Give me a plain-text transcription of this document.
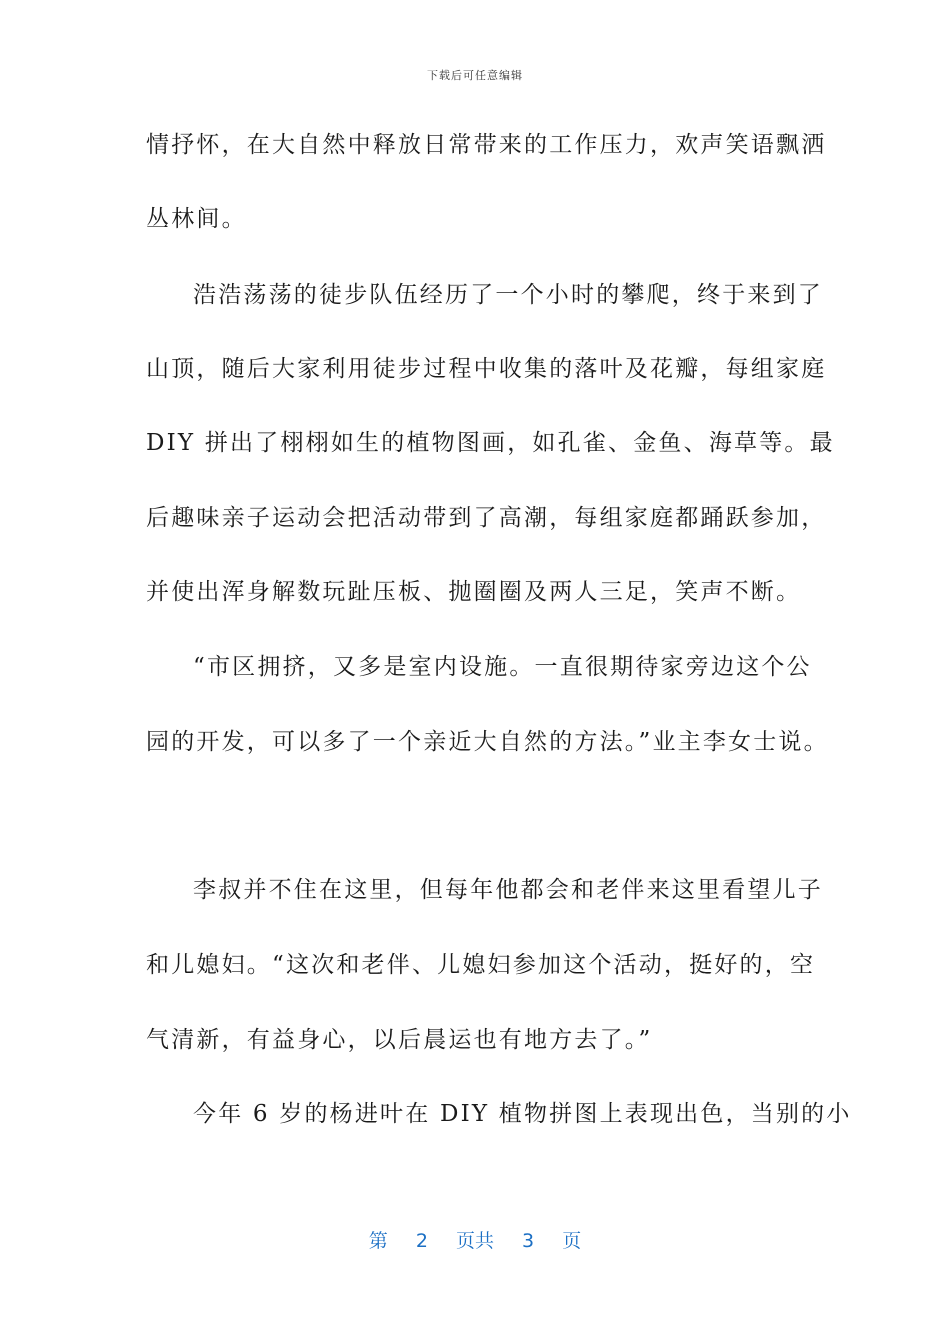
下载后可任意编辑
情抒怀，在大自然中释放日常带来的工作压力，欢声笑语飘洒
丛林间。
浩浩荡荡的徒步队伍经历了一个小时的攀爬，终于来到了
山顶，随后大家利用徒步过程中收集的落叶及花瓣，每组家庭
DIY 拼出了栩栩如生的植物图画，如孔雀、金鱼、海草等。最
后趣味亲子运动会把活动带到了高潮，每组家庭都踊跃参加，
并使出浑身解数玩趾压板、抛圈圈及两人三足，笑声不断。
“市区拥挤，又多是室内设施。一直很期待家旁边这个公
园的开发，可以多了一个亲近大自然的方法。”业主李女士说。
李叔并不住在这里，但每年他都会和老伴来这里看望儿子
和儿媳妇。“这次和老伴、儿媳妇参加这个活动，挺好的，空
气清新，有益身心，以后晨运也有地方去了。”
今年 6 岁的杨进叶在 DIY 植物拼图上表现出色，当别的小
第 2 页共 3 页
